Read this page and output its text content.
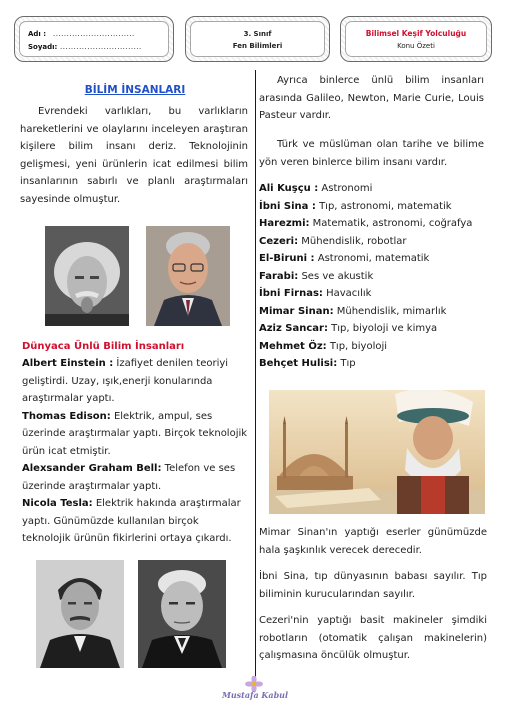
Adı : ..............................
Soyadı: ..............................
3. Sınıf
Fen Bilimleri
Bilimsel Keşif Yolculuğu
Konu Özeti
BİLİM İNSANLARI

Evrendeki varlıkları, bu varlıkların hareketlerini ve olaylarını inceleyen araştıran kişilere bilim insanı deriz. Teknolojinin gelişmesi, yeni ürünlerin icat edilmesi bilim insanlarının sabırlı ve planlı araştırmaları sayesinde olmuştur.

Dünyaca Ünlü Bilim İnsanları

Albert Einstein : İzafiyet denilen teoriyi geliştirdi. Uzay, ışık,enerji konularında araştırmalar yaptı.

Thomas Edison: Elektrik, ampul, ses üzerinde araştırmalar yaptı. Birçok teknolojik ürün icat etmiştir.

Alexsander Graham Bell: Telefon ve ses üzerinde araştırmalar yaptı.

Nicola Tesla: Elektrik hakında araştırmalar yaptı. Günümüzde kullanılan birçok teknolojik ürünün fikirlerini ortaya çıkardı.

Ayrıca binlerce ünlü bilim insanları arasında Galileo, Newton, Marie Curie, Louis Pasteur vardır.

Türk ve müslüman olan tarihe ve bilime yön veren binlerce bilim insanı vardır.

Ali Kuşçu : Astronomi

İbni Sina : Tıp, astronomi, matematik

Harezmi: Matematik, astronomi, coğrafya

Cezeri: Mühendislik, robotlar

El-Biruni : Astronomi, matematik

Farabi: Ses ve akustik

İbni Firnas: Havacılık

Mimar Sinan: Mühendislik, mimarlık

Aziz Sancar: Tıp, biyoloji ve kimya

Mehmet Öz: Tıp, biyoloji

Behçet Hulisi: Tıp

Mimar Sinan'ın yaptığı eserler günümüzde hala şaşkınlık verecek derecedir.

İbni Sina, tıp dünyasının babası sayılır. Tıp biliminin kurucularından sayılır.

Cezeri'nin yaptığı basit makineler şimdiki robotların (otomatik çalışan makinelerin) çalışmasına öncülük olmuştur.

Mustafa Kabul
